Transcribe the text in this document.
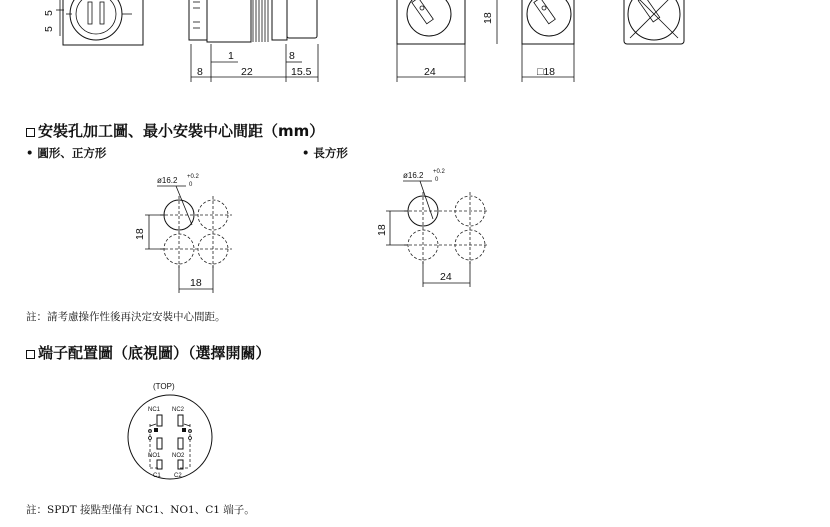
5
5
1	8
8	22	15.5	24
18
□18
安裝孔加工圖、最小安裝中心間距（mm）
• 圓形、正方形	• 長方形
ø16.2 +0.2
0
18
18
ø16.2 +0.2
0
18
24
註：請考慮操作性後再決定安裝中心間距。
端子配置圖（底視圖）（選擇開關）
(TOP)
NC1 NC2
NO1 NO2
C1 C2
註：SPDT 接點型僅有 NC1、NO1、C1 端子。
